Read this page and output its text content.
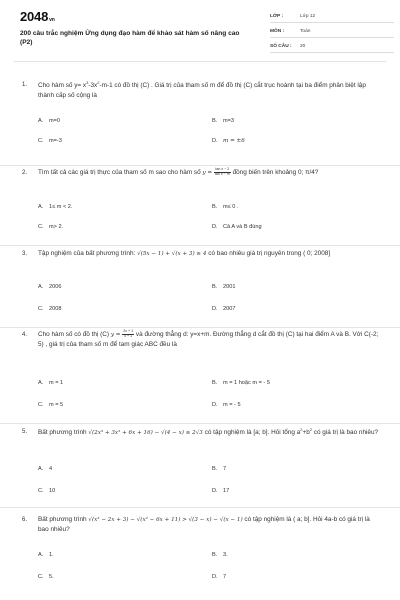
2048vn
200 câu trắc nghiệm Ứng dụng đạo hàm để khảo sát hàm số nâng cao (P2)
LỚP :	Lớp 12
MÔN :	Toán
SỐ CÂU :	20
1. Cho hàm số $y= x^3-3x^2-m-1$ có đồ thị (C) . Giá trị của tham số m để đồ thị (C) cắt trục hoành tại ba điểm phân biệt lập thành cấp số cộng là
A. m=0	B. m=3
C. m=-3	D. m = ±6
2. Tìm tất cả các giá trị thực của tham số m sao cho hàm số $y = \frac{\text{tan x − 2}}{\text{tan x − m}}$ đồng biến trên khoảng 0; π/4?
A. 1≤ m < 2.	B. m≤ 0 .
C. m> 2.	D. Cả A và B đúng
3. Tập nghiệm của bất phương trình: √(5x − 1) + √(x + 3) ≥ 4 có bao nhiêu giá trị nguyên trong ( 0; 2008]
A. 2006	B. 2001
C. 2008	D. 2007
4. Cho hàm số có đồ thị (C) $y = \frac{2x + 1}{x + 1}$ và đường thẳng d: y=x+m. Đường thẳng d cắt đồ thị (C) tại hai điểm A và B. Với C(-2; 5) , giá trị của tham số m để tam giác ABC đều là
A. m = 1	B. m = 1 hoặc m = - 5
C. m = 5	D. m = - 5
5. Bất phương trình √(2x³ + 3x² + 6x + 16) − √(4 − x) ≥ 2√3 có tập nghiệm là [a; b]. Hỏi tổng $a^2+b^2$ có giá trị là bao nhiêu?
A. 4	B. 7
C. 10	D. 17
6. Bất phương trình √(x² − 2x + 3) − √(x² − 6x + 11) > √(3 − x) − √(x − 1) có tập nghiệm là ( a; b]. Hỏi 4a-b có giá trị là bao nhiêu?
A. 1.	B. 3.
C. 5.	D. 7
